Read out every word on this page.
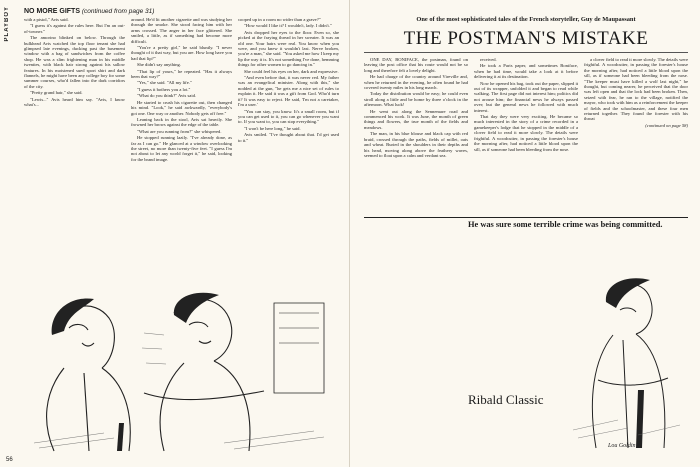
PLAYBOY NO MORE GIFTS (continued from page 31)

with a pistol," Avis said.

"I guess it's against the rules here. But I'm an out-of-towner."

The amorino blinked on below. Through the bulkhead Avis watched the top floor tenant she had glimpsed late evenings, ducking past the basement window with a bag of sandwiches from the coffee shop. He was a slim frightening man in his middle twenties, with black hair strong against his sallow features. In his moistened sued sport shirt and dark flannels, he might have been any college boy for some summer courses, who'd fallen into the dark corridors of the city.

"Pretty grand hair," she said.

"Lewis..." Avis heard him say. "Avis, I know what's...

around. He'd lit another cigarette and was studying her through the smoke. She stood facing him with her arms crossed. The anger in her face glittered. She smiled, a little, as if something had become more difficult.

"You're a pretty girl," he said bluntly. "I never thought of it that way, but you are. How long have you had that lip?"

She didn't say anything.

"That lip of yours," he repeated. "Has it always been that way?"

"Yes," she said. "All my life."

"I guess it bothers you a lot."

"What do you think?" Avis said.

He started to crush his cigarette out, then changed his mind. "Look," he said awkwardly, "everybody's got one. One way or another. Nobody gets off free."

Leaning back in the stool, Avis sat heavily. She frowned her brows against the edge of the table.

"What are you running from?" she whispered.

He stopped running lazily. "I've already done, as far as I can go." He glanced at a window overlooking the street, no more than twenty-five feet. "I guess I'm not about to let any world forget it," he said, looking for the brand image.

cooped up in a room no wider than a grave?"

"How would I like it? I wouldn't, lady. I didn't."

Avis dropped her eyes to the floor. Even so, she picked at the fraying thread in her sweater. It was an old one. Your hairs were real. You know when you were, and you knew it wouldn't last. Nerve broken, you're a man," she said. "You asked me how I keep my lip the way it is. It's not something I've done, hemming things for other women to go dancing in."

She could feel his eyes on her, dark and expressive.

"And even before that, it was never red. My father was an evangelical minister. Along with this," she nodded at the gun, "he gets me a nice set of rules to explain it. He said it was a gift from God. Who'd turn it? It was easy to reject. He said, 'I'm not a caretaker, I'm a user.'

"You can stay, you know. It's a small room, but if you can get used to it, you can go whenever you want to. If you want to, you can stop everything."

"I won't be here long," he said.

Avis smiled. "I've thought about that. I'd get used to it."

56
One of the most sophisticated tales of the French storyteller, Guy de Maupassant
THE POSTMAN'S MISTAKE

ONE DAY, BONIFACE, the postman, found on leaving the post office that his route would not be so long and therefore felt a lovely delight.

He had charge of the country around Vireville and, when he returned in the evening, he often found he had covered twenty miles in his long march.

Today the distribution would be easy; he could even stroll along a little and be home by three o'clock in the afternoon. What luck!

He went out along the Sennemare road and commenced his work. It was June, the month of green things and flowers, the true month of the fields and meadows.

The man, in his blue blouse and black cap with red braid, crossed through the paths, fields of millet, oats and wheat. Buried in the shoulders in their depths and his head, moving along above the feathery waves, seemed to float upon a calm and verdant sea.

received.

He took a Paris paper, and sometimes Boniface, when he had time, would take a look at it before delivering it at its destination.

Now he opened his bag, took out the paper, slipped it out of its wrapper, unfolded it and began to read while walking. The first page did not interest him; politics did not arouse him; the financial news he always passed over; but the general news he followed with much interest.

That day they were very exciting. He became so much interested in the story of a crime recorded in a gamekeeper's lodge that he stopped in the middle of a clover field to read it more slowly. The details were frightful. A woodcutter, in passing the forester's house the morning after, had noticed a little blood upon the sill, as if someone had been bleeding from the nose.

a clover field to read it more slowly. The details were frightful. A woodcutter, in passing the forester's house the morning after, had noticed a little blood upon the sill, as if someone had been bleeding from the nose. "The keeper must have killed a wolf last night," he thought, but coming nearer, he perceived that the door was left open and that the lock had been broken. Then, seized with fear, he ran to the village, notified the mayor, who took with him as a reinforcement the keeper of fields and the schoolmaster, and these four men returned together. They found the forester with his throat

(continued on page 58)

He was sure some terrible crime was being committed.
Ribald Classic
Lou Goldin
